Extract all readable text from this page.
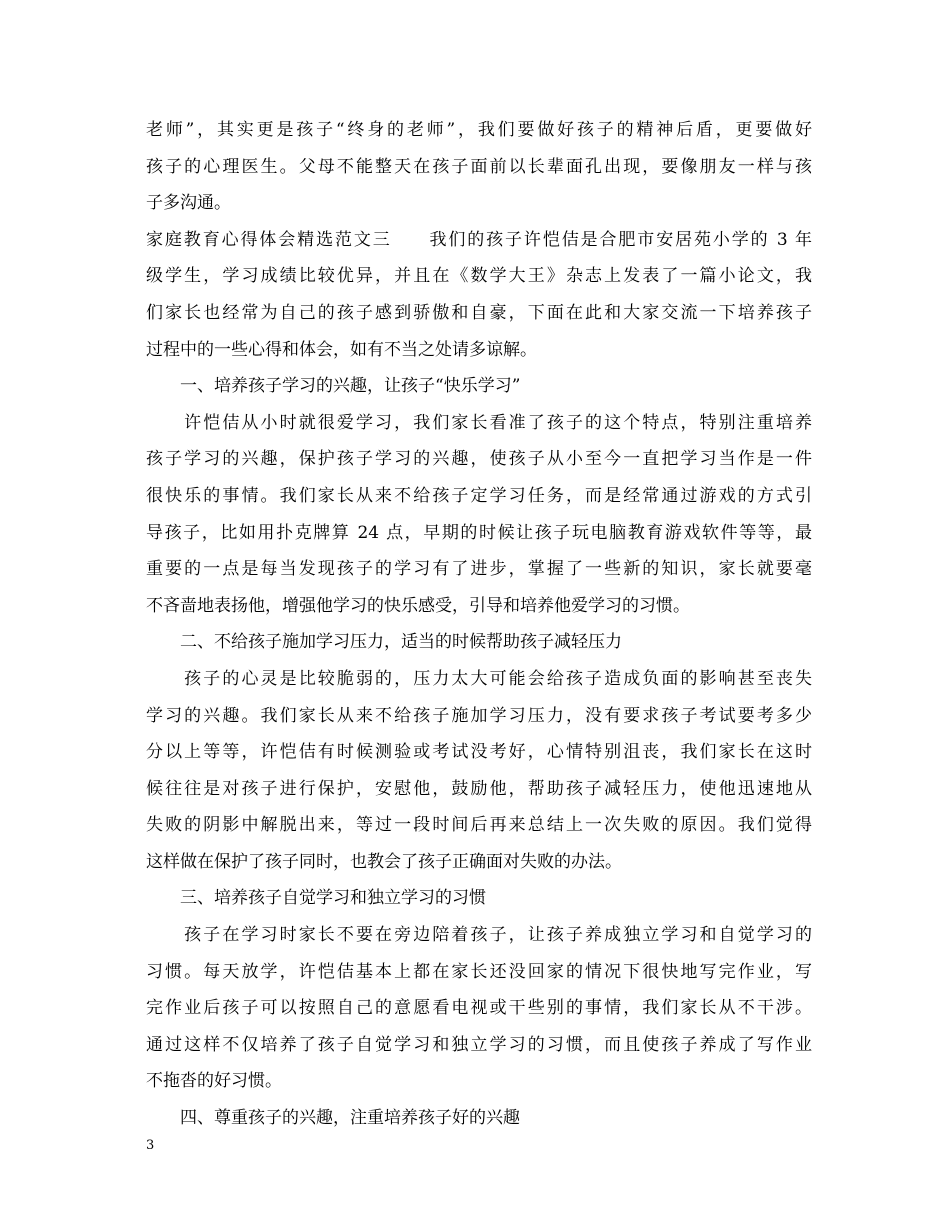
老师”，其实更是孩子“终身的老师”，我们要做好孩子的精神后盾，更要做好
孩子的心理医生。父母不能整天在孩子面前以长辈面孔出现，要像朋友一样与孩
子多沟通。
家庭教育心得体会精选范文三　　我们的孩子许恺佶是合肥市安居苑小学的 3 年
级学生，学习成绩比较优异，并且在《数学大王》杂志上发表了一篇小论文，我
们家长也经常为自己的孩子感到骄傲和自豪，下面在此和大家交流一下培养孩子
过程中的一些心得和体会，如有不当之处请多谅解。
　　一、培养孩子学习的兴趣，让孩子“快乐学习”
　　许恺佶从小时就很爱学习，我们家长看准了孩子的这个特点，特别注重培养
孩子学习的兴趣，保护孩子学习的兴趣，使孩子从小至今一直把学习当作是一件
很快乐的事情。我们家长从来不给孩子定学习任务，而是经常通过游戏的方式引
导孩子，比如用扑克牌算 24 点，早期的时候让孩子玩电脑教育游戏软件等等，最
重要的一点是每当发现孩子的学习有了进步，掌握了一些新的知识，家长就要毫
不吝啬地表扬他，增强他学习的快乐感受，引导和培养他爱学习的习惯。
　　二、不给孩子施加学习压力，适当的时候帮助孩子减轻压力
　　孩子的心灵是比较脆弱的，压力太大可能会给孩子造成负面的影响甚至丧失
学习的兴趣。我们家长从来不给孩子施加学习压力，没有要求孩子考试要考多少
分以上等等，许恺佶有时候测验或考试没考好，心情特别沮丧，我们家长在这时
候往往是对孩子进行保护，安慰他，鼓励他，帮助孩子减轻压力，使他迅速地从
失败的阴影中解脱出来，等过一段时间后再来总结上一次失败的原因。我们觉得
这样做在保护了孩子同时，也教会了孩子正确面对失败的办法。
　　三、培养孩子自觉学习和独立学习的习惯
　　孩子在学习时家长不要在旁边陪着孩子，让孩子养成独立学习和自觉学习的
习惯。每天放学，许恺佶基本上都在家长还没回家的情况下很快地写完作业，写
完作业后孩子可以按照自己的意愿看电视或干些别的事情，我们家长从不干涉。
通过这样不仅培养了孩子自觉学习和独立学习的习惯，而且使孩子养成了写作业
不拖沓的好习惯。
　　四、尊重孩子的兴趣，注重培养孩子好的兴趣
3
